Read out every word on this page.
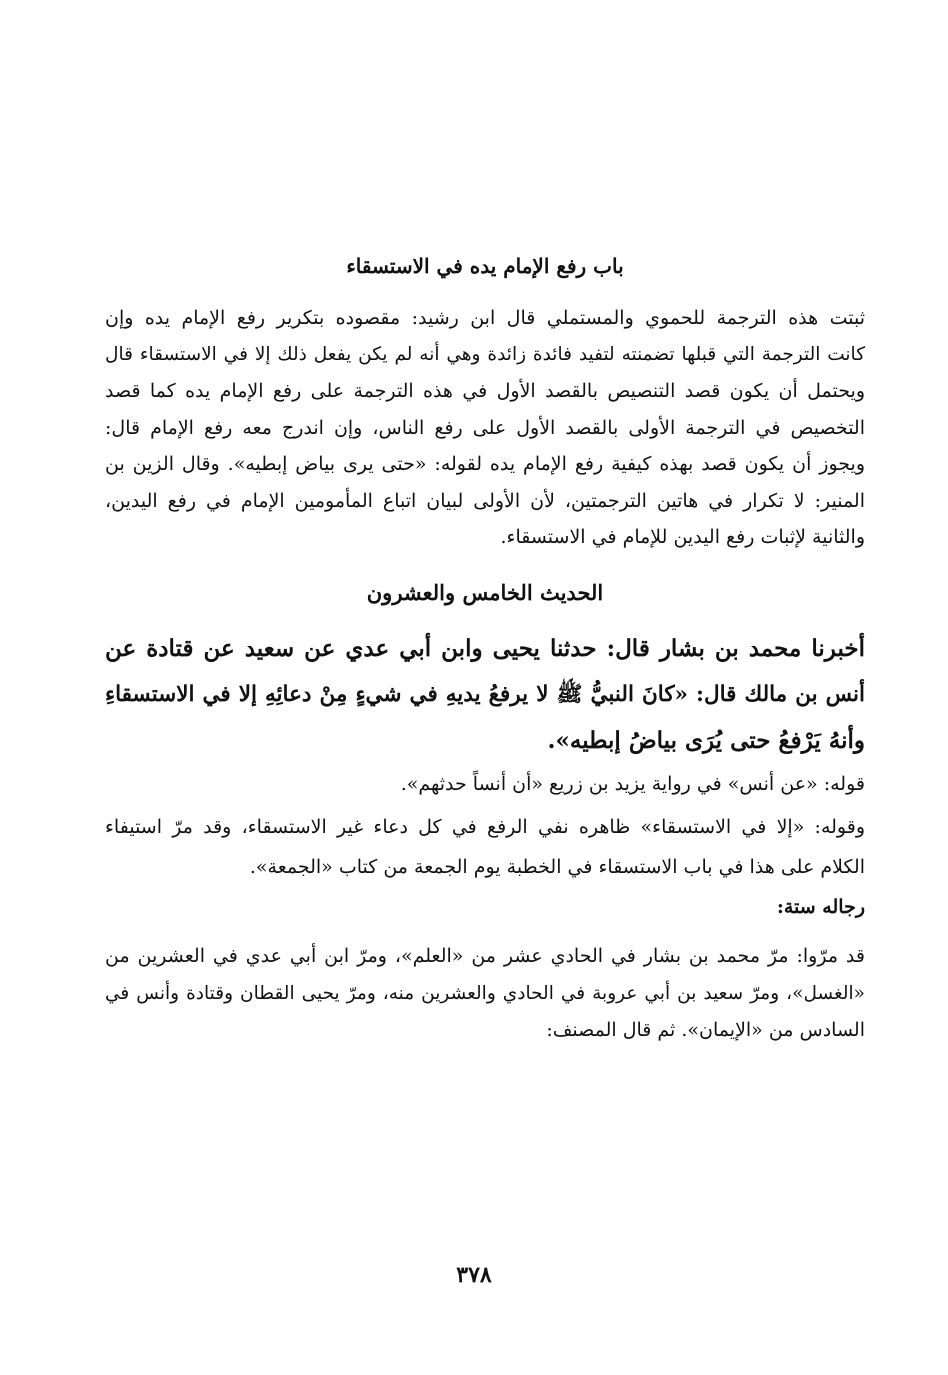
باب رفع الإمام يده في الاستسقاء
ثبتت هذه الترجمة للحموي والمستملي قال ابن رشيد: مقصوده بتكرير رفع الإمام يده وإن
كانت الترجمة التي قبلها تضمنته لتفيد فائدة زائدة وهي أنه لم يكن يفعل ذلك إلا في الاستسقاء قال
ويحتمل أن يكون قصد التنصيص بالقصد الأول في هذه الترجمة على رفع الإمام يده كما قصد
التخصيص في الترجمة الأولى بالقصد الأول على رفع الناس، وإن اندرج معه رفع الإمام قال:
ويجوز أن يكون قصد بهذه كيفية رفع الإمام يده لقوله: «حتى يرى بياض إبطيه». وقال الزين بن
المنير: لا تكرار في هاتين الترجمتين، لأن الأولى لبيان اتباع المأمومين الإمام في رفع اليدين،
والثانية لإثبات رفع اليدين للإمام في الاستسقاء.
الحديث الخامس والعشرون
أخبرنا محمد بن بشار قال: حدثنا يحيى وابن أبي عدي عن سعيد عن قتادة عن
أنس بن مالك قال: «كانَ النبيُّ ﷺ لا يرفعُ يديهِ في شيءٍ مِنْ دعائِهِ إلا في الاستسقاءِ
وأنهُ يَرْفعُ حتى يُرَى بياضُ إبطيه».
قوله: «عن أنس» في رواية يزيد بن زريع «أن أنساً حدثهم».
وقوله: «إلا في الاستسقاء» ظاهره نفي الرفع في كل دعاء غير الاستسقاء، وقد مرّ استيفاء
الكلام على هذا في باب الاستسقاء في الخطبة يوم الجمعة من كتاب «الجمعة».
رجاله ستة:
قد مرّوا: مرّ محمد بن بشار في الحادي عشر من «العلم»، ومرّ ابن أبي عدي في العشرين من
«الغسل»، ومرّ سعيد بن أبي عروبة في الحادي والعشرين منه، ومرّ يحيى القطان وقتادة وأنس في
السادس من «الإيمان». ثم قال المصنف:
٣٧٨
